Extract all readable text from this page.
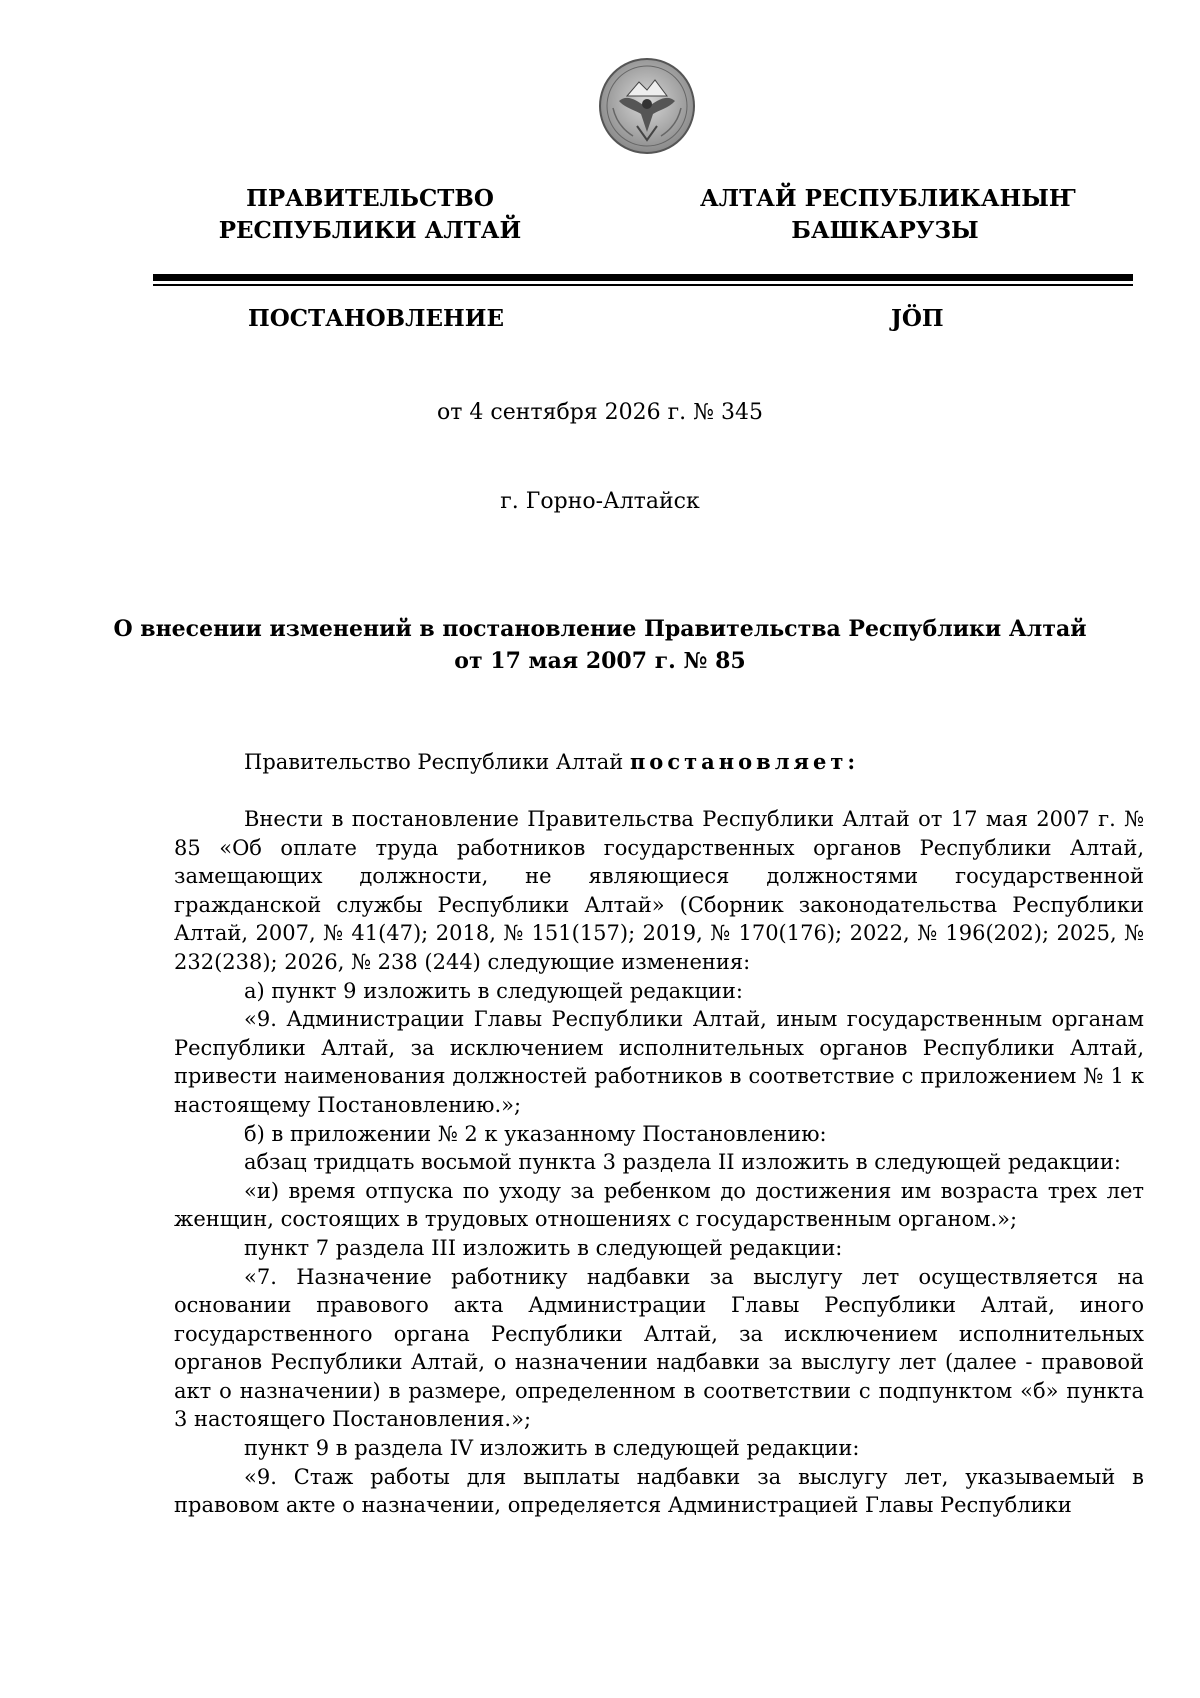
ПРАВИТЕЛЬСТВО
РЕСПУБЛИКИ АЛТАЙ
АЛТАЙ РЕСПУБЛИКАНЫҤ
БАШКАРУЗЫ
ПОСТАНОВЛЕНИЕ	JӦП
от 4 сентября 2026 г. № 345
г. Горно-Алтайск
О внесении изменений в постановление Правительства Республики Алтай
от 17 мая 2007 г. № 85

Правительство Республики Алтай постановляет:

Внести в постановление Правительства Республики Алтай от 17 мая 2007 г. № 85 «Об оплате труда работников государственных органов Республики Алтай, замещающих должности, не являющиеся должностями государственной гражданской службы Республики Алтай» (Сборник законодательства Республики Алтай, 2007, № 41(47); 2018, № 151(157); 2019, № 170(176); 2022, № 196(202); 2025, № 232(238); 2026, № 238 (244) следующие изменения:

а) пункт 9 изложить в следующей редакции:

«9. Администрации Главы Республики Алтай, иным государственным органам Республики Алтай, за исключением исполнительных органов Республики Алтай, привести наименования должностей работников в соответствие с приложением № 1 к настоящему Постановлению.»;

б) в приложении № 2 к указанному Постановлению:

абзац тридцать восьмой пункта 3 раздела II изложить в следующей редакции:

«и) время отпуска по уходу за ребенком до достижения им возраста трех лет женщин, состоящих в трудовых отношениях с государственным органом.»;

пункт 7 раздела III изложить в следующей редакции:

«7. Назначение работнику надбавки за выслугу лет осуществляется на основании правового акта Администрации Главы Республики Алтай, иного государственного органа Республики Алтай, за исключением исполнительных органов Республики Алтай, о назначении надбавки за выслугу лет (далее - правовой акт о назначении) в размере, определенном в соответствии с подпунктом «б» пункта 3 настоящего Постановления.»;

пункт 9 в раздела IV изложить в следующей редакции:

«9. Стаж работы для выплаты надбавки за выслугу лет, указываемый в правовом акте о назначении, определяется Администрацией Главы Республики
